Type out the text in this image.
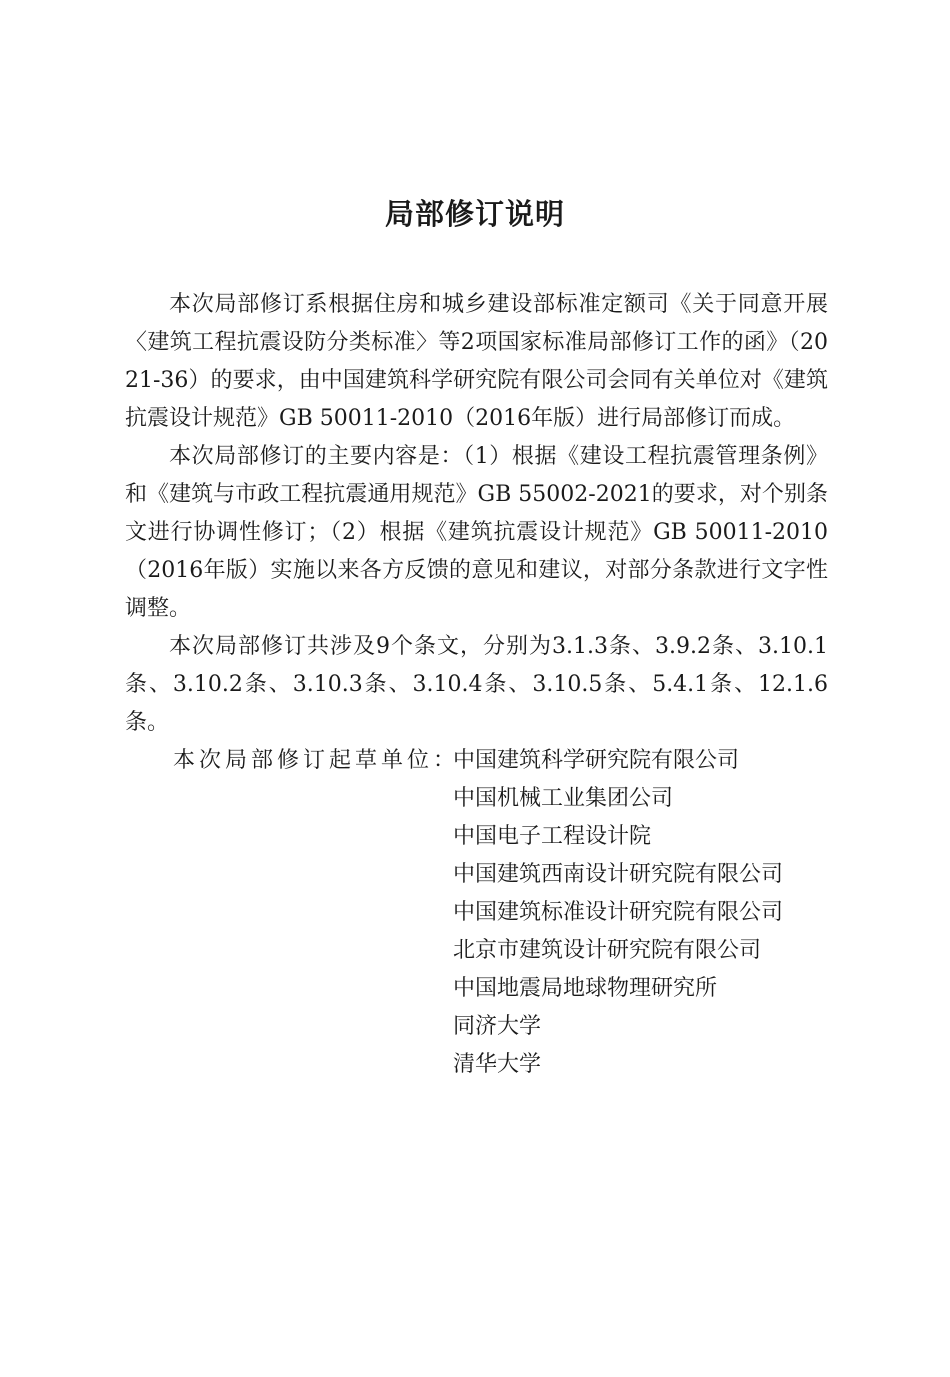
局部修订说明

本次局部修订系根据住房和城乡建设部标准定额司《关于同意开展〈建筑工程抗震设防分类标准〉等2项国家标准局部修订工作的函》（2021-36）的要求，由中国建筑科学研究院有限公司会同有关单位对《建筑抗震设计规范》GB 50011-2010（2016年版）进行局部修订而成。

本次局部修订的主要内容是：（1）根据《建设工程抗震管理条例》和《建筑与市政工程抗震通用规范》GB 55002-2021的要求，对个别条文进行协调性修订；（2）根据《建筑抗震设计规范》GB 50011-2010（2016年版）实施以来各方反馈的意见和建议，对部分条款进行文字性调整。

本次局部修订共涉及9个条文，分别为3.1.3条、3.9.2条、3.10.1条、3.10.2条、3.10.3条、3.10.4条、3.10.5条、5.4.1条、12.1.6条。

本次局部修订起草单位：
中国建筑科学研究院有限公司
中国机械工业集团公司
中国电子工程设计院
中国建筑西南设计研究院有限公司
中国建筑标准设计研究院有限公司
北京市建筑设计研究院有限公司
中国地震局地球物理研究所
同济大学
清华大学
